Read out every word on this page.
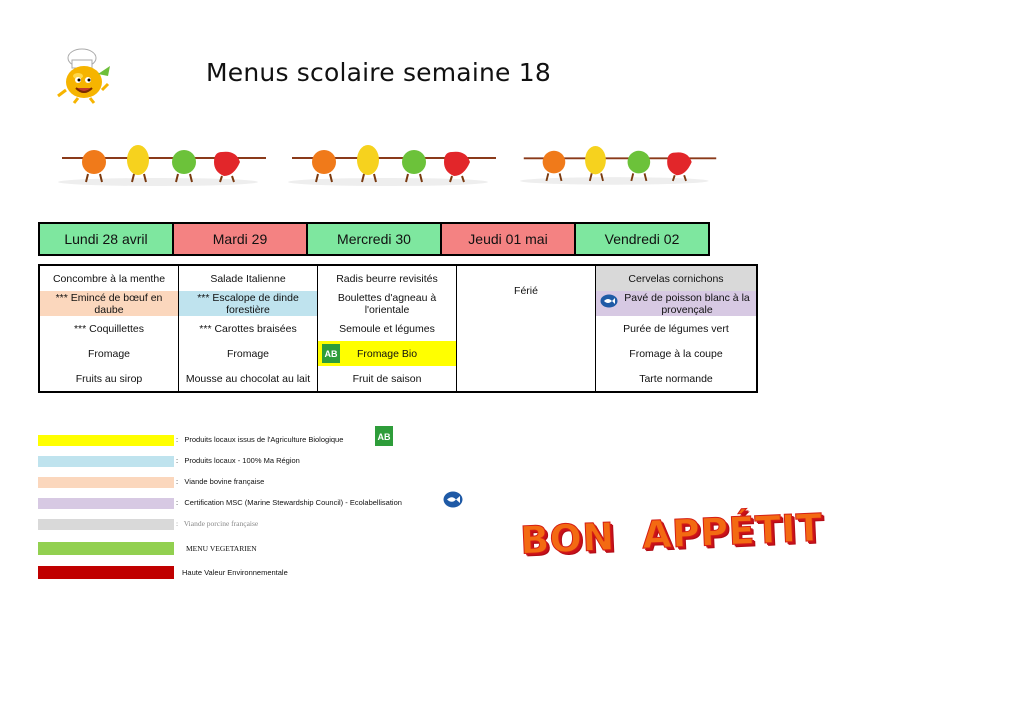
Menus scolaire semaine 18
Lundi 28 avril	Mardi 29	Mercredi 30	Jeudi 01 mai	Vendredi 02
Concombre à la menthe	Salade Italienne	Radis beurre revisités	Férié	Cervelas cornichons
*** Emincé de bœuf en daube	*** Escalope de dinde forestière	Boulettes d'agneau à l'orientale		Pavé de poisson blanc à la provençale
*** Coquillettes	*** Carottes braisées	Semoule et légumes		Purée de légumes vert
Fromage	Fromage	AB Fromage Bio		Fromage à la coupe
Fruits au sirop	Mousse au chocolat au lait	Fruit de saison		Tarte normande
: Produits locaux issus de l'Agriculture Biologique	AB
: Produits locaux - 100% Ma Région
: Viande bovine française
: Certification MSC (Marine Stewardship Council) - Ecolabellisation
: Viande porcine française
MENU VEGETARIEN
Haute Valeur Environnementale
BON  APPÉTIT
